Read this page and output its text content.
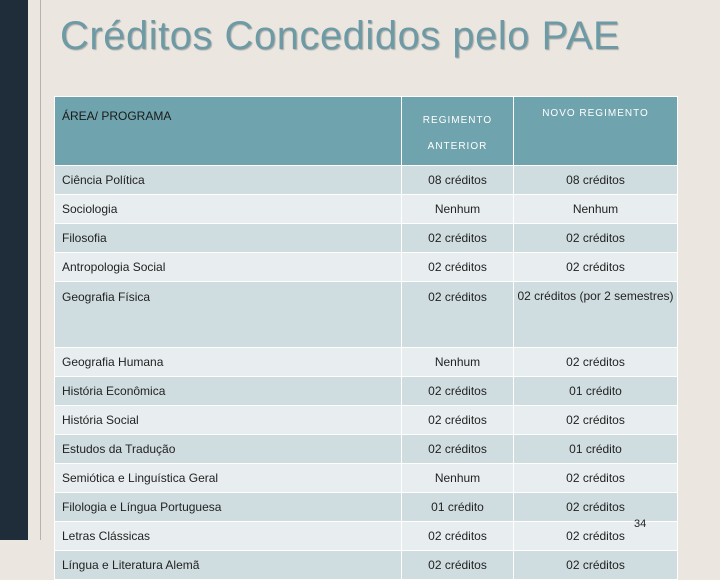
Créditos Concedidos pelo PAE
ÁREA/ PROGRAMA	REGIMENTO ANTERIOR	NOVO REGIMENTO
Ciência Política	08 créditos	08 créditos
Sociologia	Nenhum	Nenhum
Filosofia	02 créditos	02 créditos
Antropologia Social	02 créditos	02 créditos
Geografia Física	02 créditos	02 créditos (por 2 semestres)
Geografia Humana	Nenhum	02 créditos
História Econômica	02 créditos	01 crédito
História Social	02 créditos	02 créditos
Estudos da Tradução	02 créditos	01 crédito
Semiótica e Linguística Geral	Nenhum	02 créditos
Filologia e Língua Portuguesa	01 crédito	02 créditos
Letras Clássicas	02 créditos	02 créditos
Língua e Literatura Alemã	02 créditos	02 créditos
34
